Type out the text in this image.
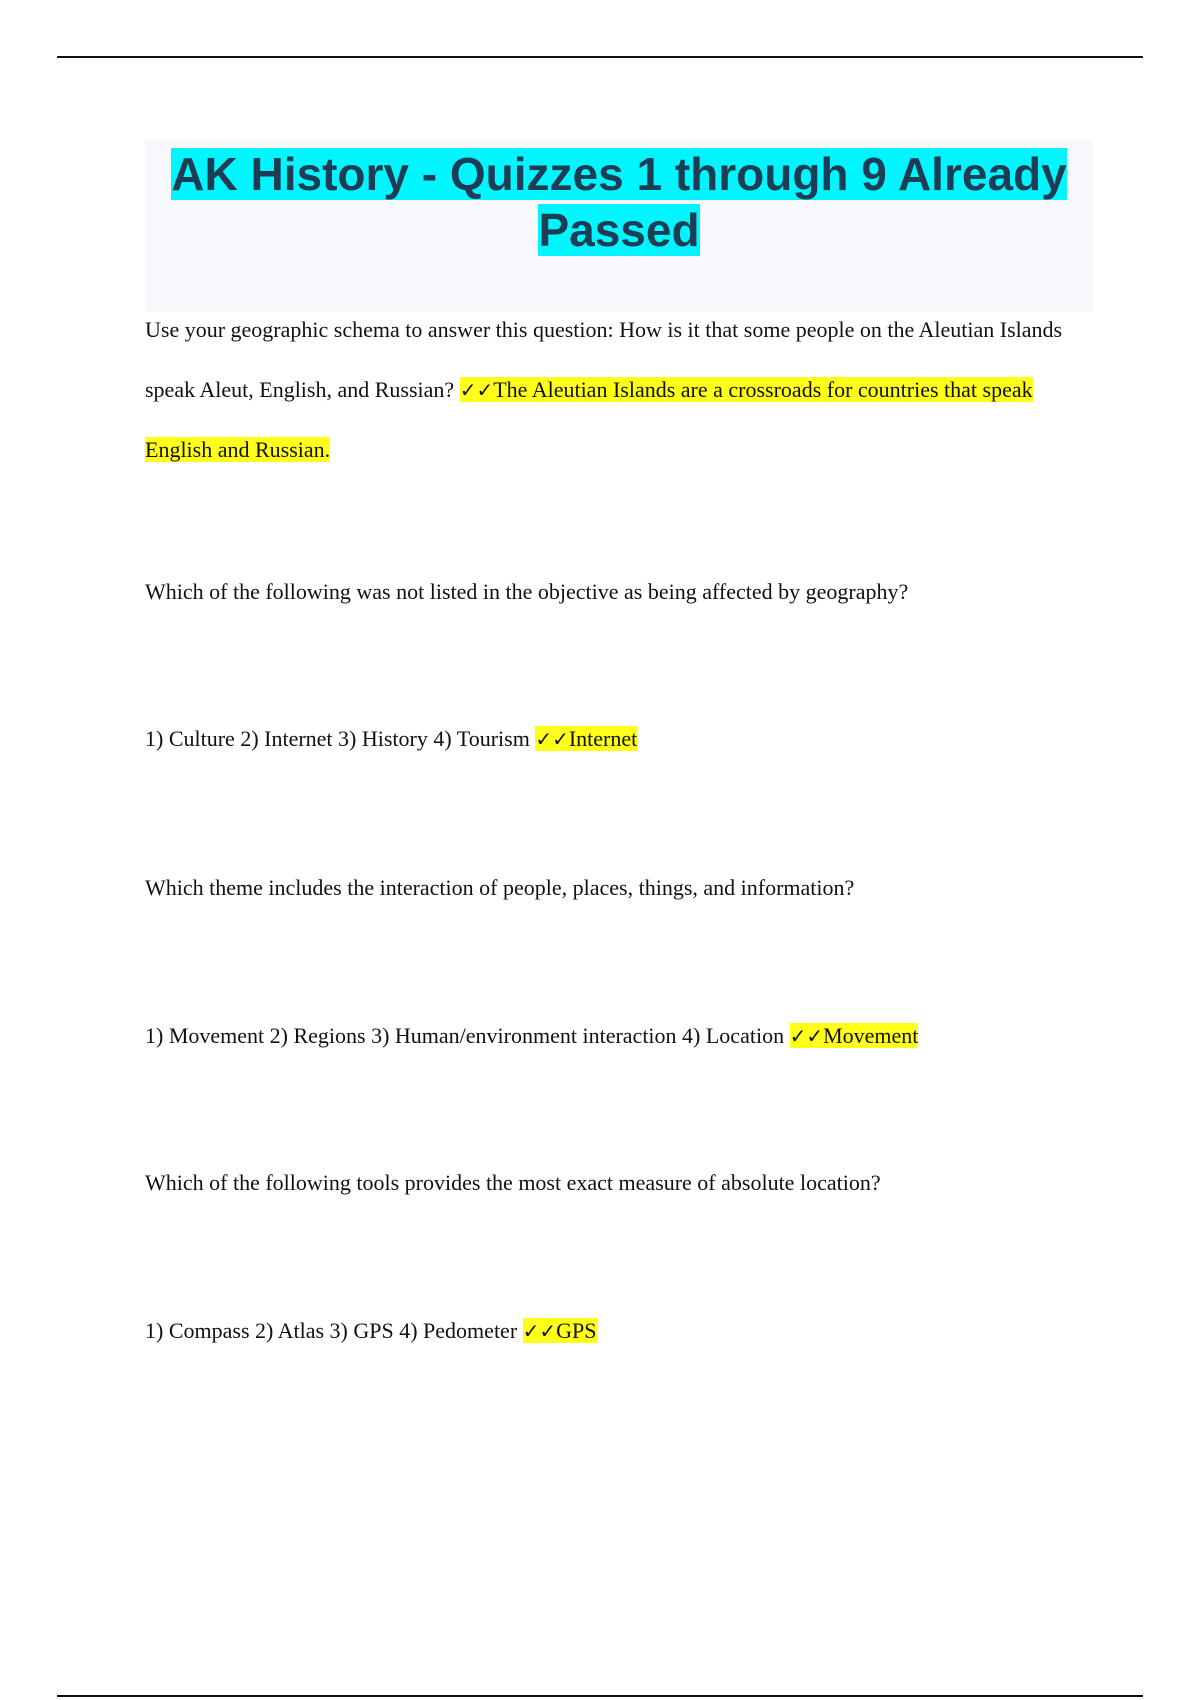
AK History - Quizzes 1 through 9 Already
Passed

Use your geographic schema to answer this question: How is it that some people on the Aleutian Islands speak Aleut, English, and Russian? ✓✓The Aleutian Islands are a crossroads for countries that speak English and Russian.

Which of the following was not listed in the objective as being affected by geography?

1) Culture 2) Internet 3) History 4) Tourism ✓✓Internet

Which theme includes the interaction of people, places, things, and information?

1) Movement 2) Regions 3) Human/environment interaction 4) Location ✓✓Movement

Which of the following tools provides the most exact measure of absolute location?

1) Compass 2) Atlas 3) GPS 4) Pedometer ✓✓GPS
